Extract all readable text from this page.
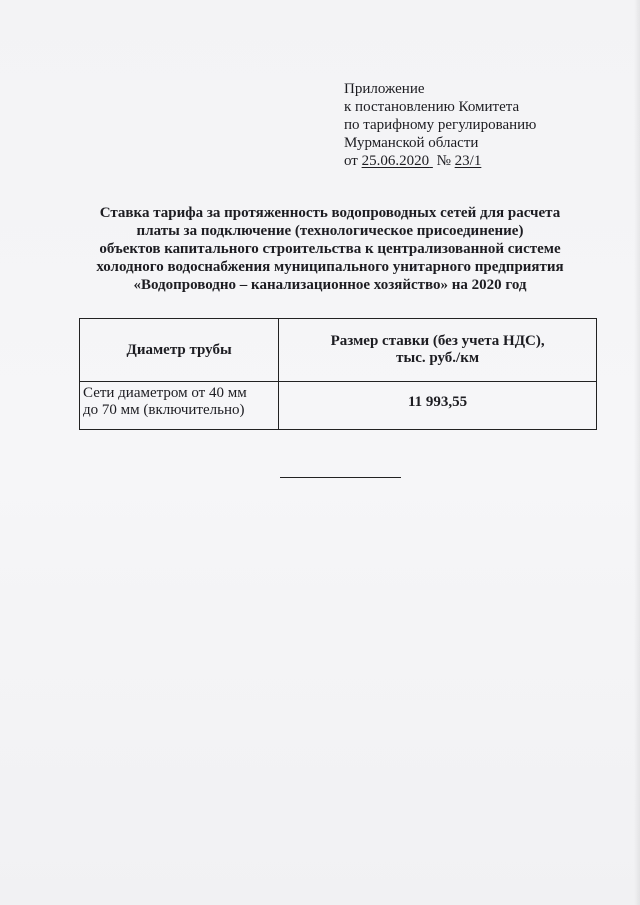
Приложение
к постановлению Комитета
по тарифному регулированию
Мурманской области
от 25.06.2020 № 23/1
Ставка тарифа за протяженность водопроводных сетей для расчета
платы за подключение (технологическое присоединение)
объектов капитального строительства к централизованной системе
холодного водоснабжения муниципального унитарного предприятия
«Водопроводно – канализационное хозяйство» на 2020 год
Диаметр трубы	Размер ставки (без учета НДС),
тыс. руб./км

Сети диаметром от 40 мм
до 70 мм (включительно)	11 993,55
